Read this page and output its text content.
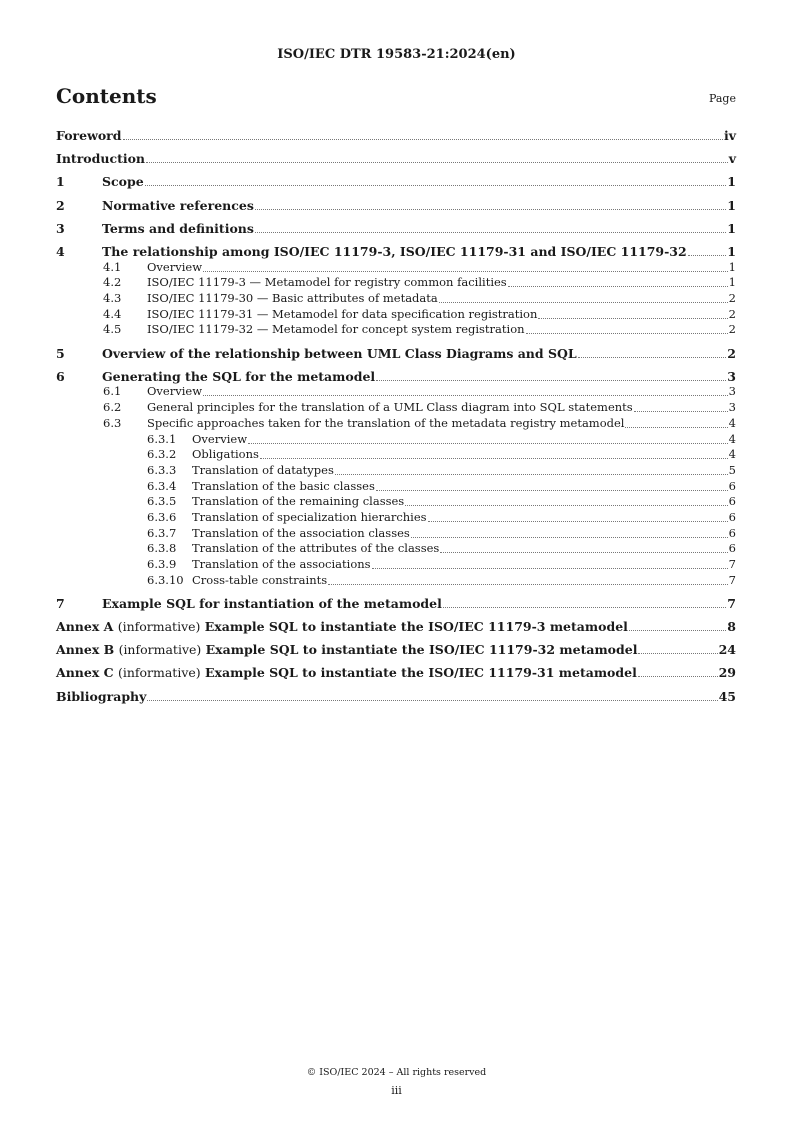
ISO/IEC DTR 19583-21:2024(en)
Contents	Page
Foreword	iv
Introduction	v
1	Scope	1
2	Normative references	1
3	Terms and definitions	1
4	The relationship among ISO/IEC 11179-3, ISO/IEC 11179-31 and ISO/IEC 11179-32	1
4.1	Overview	1
4.2	ISO/IEC 11179-3 — Metamodel for registry common facilities	1
4.3	ISO/IEC 11179-30 — Basic attributes of metadata	2
4.4	ISO/IEC 11179-31 — Metamodel for data specification registration	2
4.5	ISO/IEC 11179-32 — Metamodel for concept system registration	2
5	Overview of the relationship between UML Class Diagrams and SQL	2
6	Generating the SQL for the metamodel	3
6.1	Overview	3
6.2	General principles for the translation of a UML Class diagram into SQL statements	3
6.3	Specific approaches taken for the translation of the metadata registry metamodel	4
6.3.1	Overview	4
6.3.2	Obligations	4
6.3.3	Translation of datatypes	5
6.3.4	Translation of the basic classes	6
6.3.5	Translation of the remaining classes	6
6.3.6	Translation of specialization hierarchies	6
6.3.7	Translation of the association classes	6
6.3.8	Translation of the attributes of the classes	6
6.3.9	Translation of the associations	7
6.3.10 Cross-table constraints	7
7	Example SQL for instantiation of the metamodel	7
Annex A (informative) Example SQL to instantiate the ISO/IEC 11179-3 metamodel	8
Annex B (informative) Example SQL to instantiate the ISO/IEC 11179-32 metamodel	24
Annex C (informative) Example SQL to instantiate the ISO/IEC 11179-31 metamodel	29
Bibliography	45
© ISO/IEC 2024 – All rights reserved
iii
